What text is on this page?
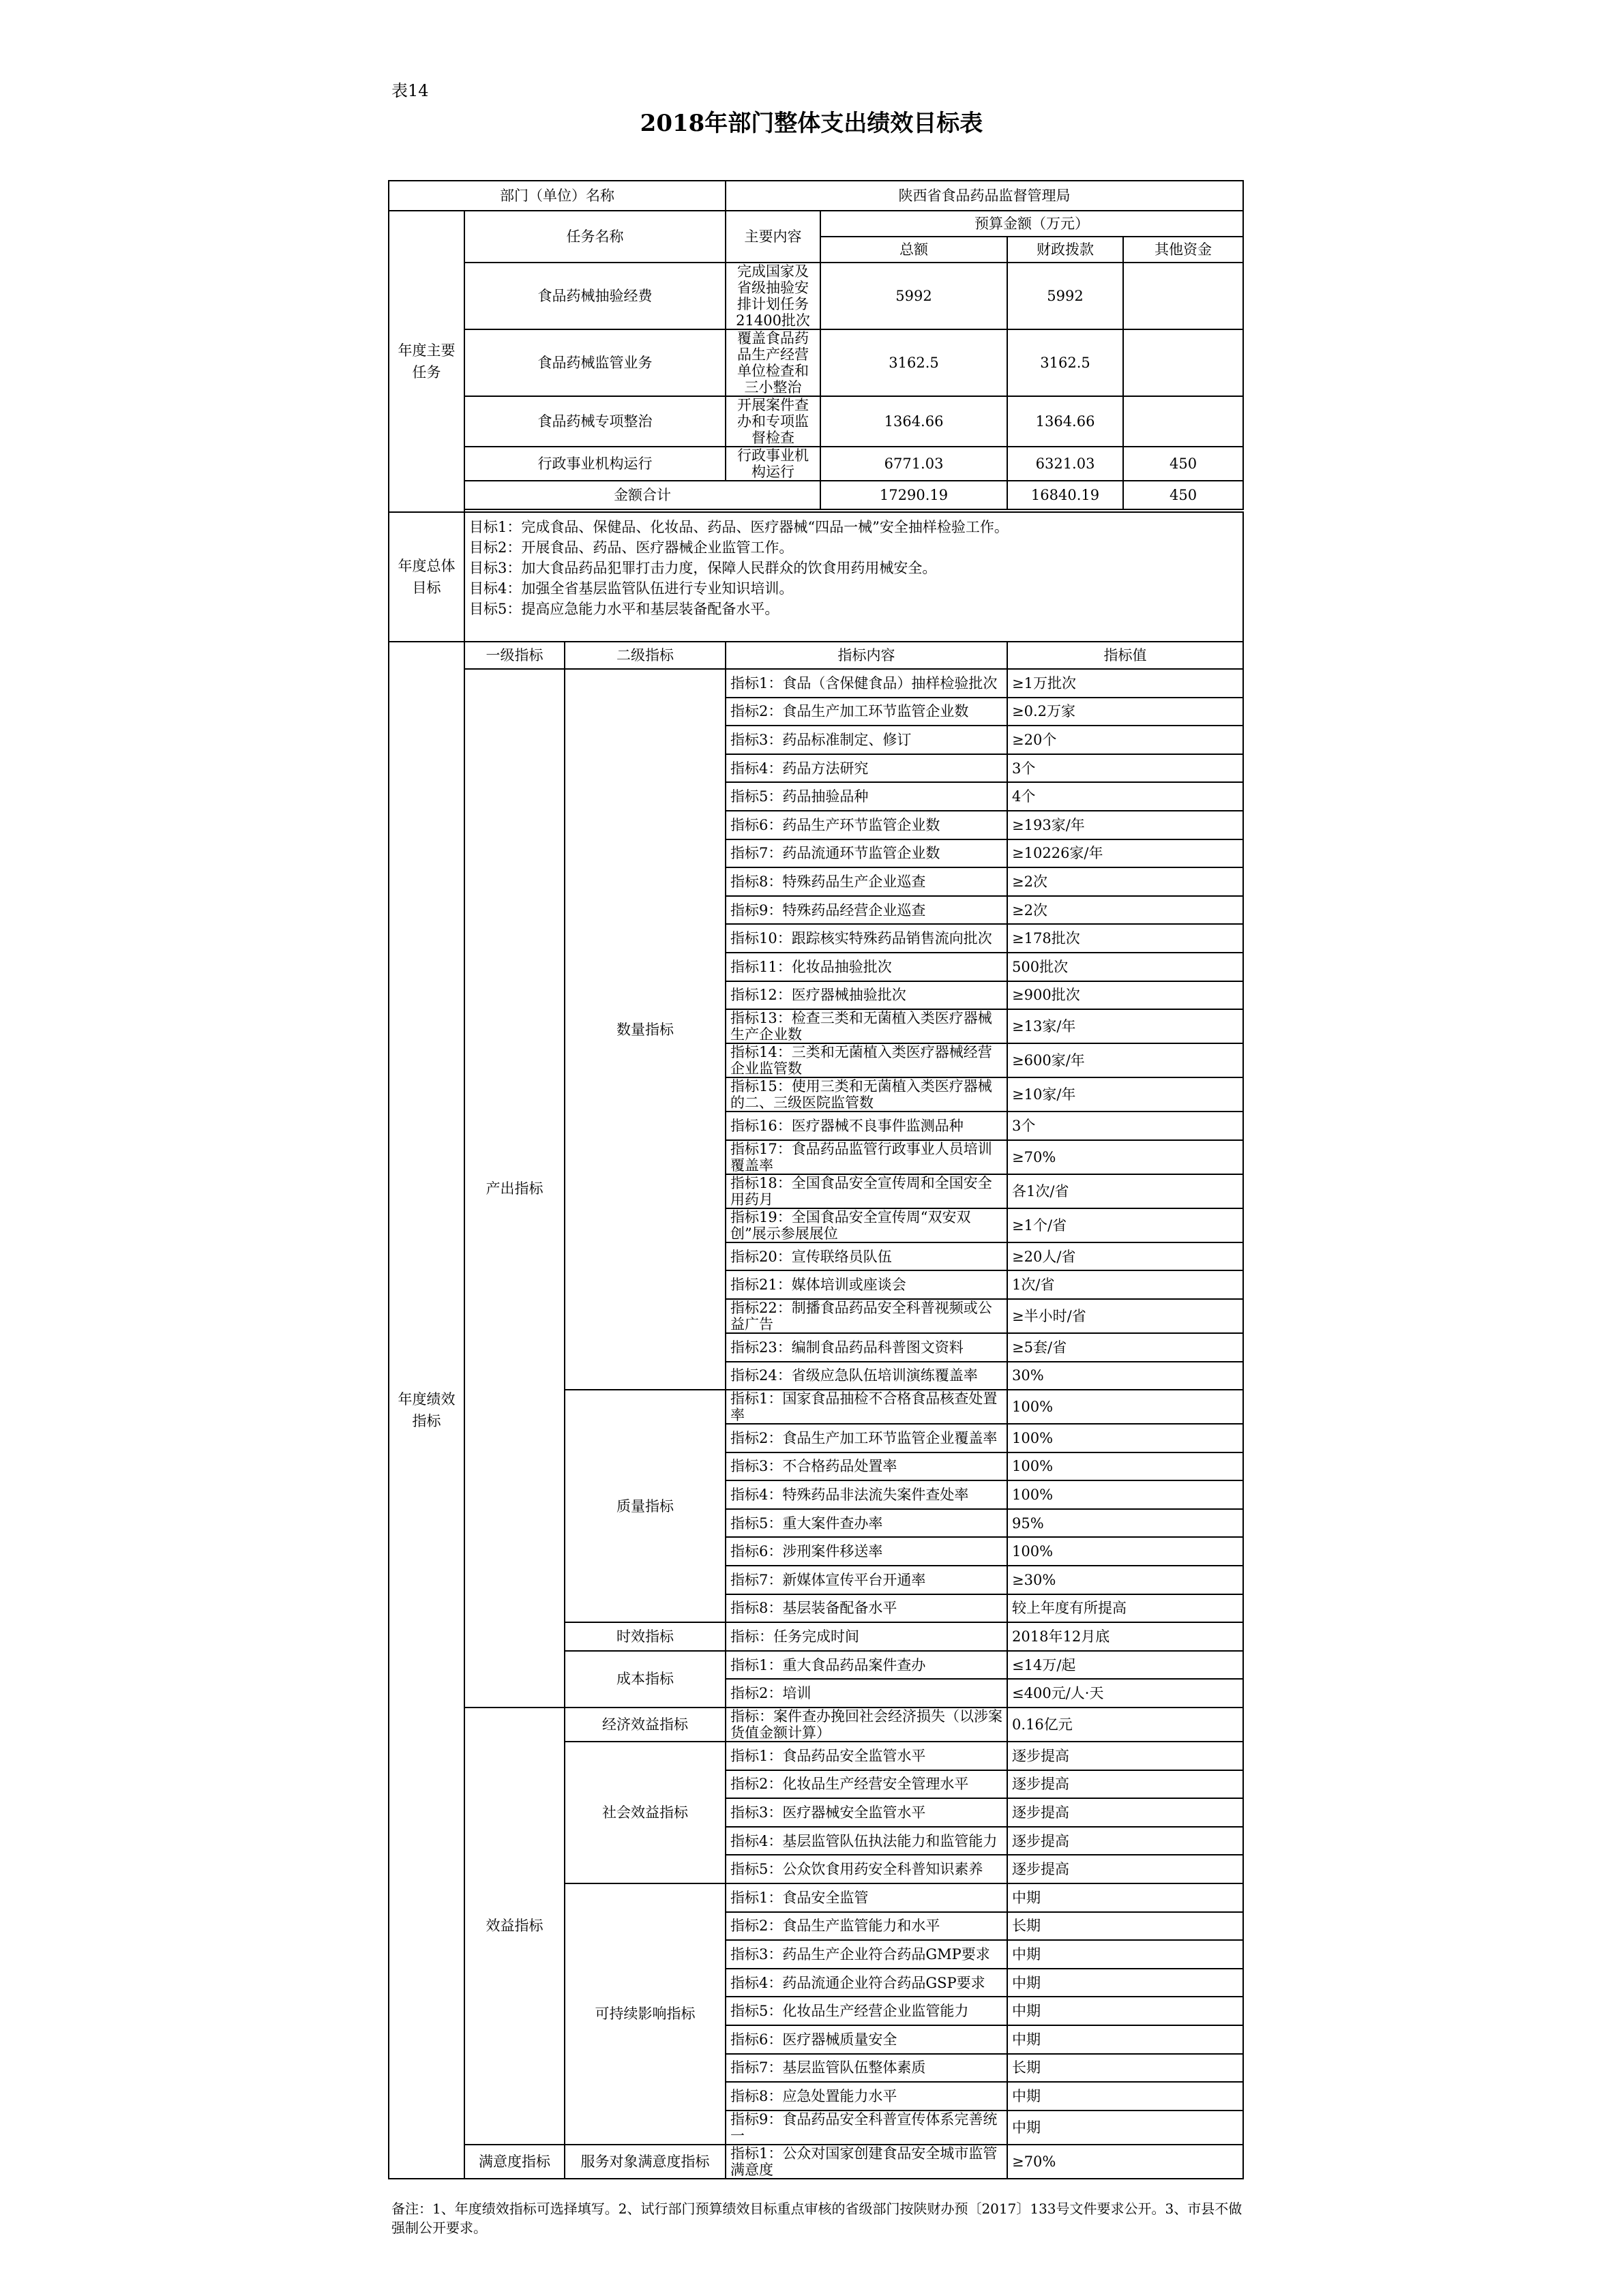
表14
2018年部门整体支出绩效目标表
部门（单位）名称			陕西省食品药品监督管理局			
年度主要任务	任务名称		主要内容	预算金额（万元）		
				总额	财政拨款	其他资金
	食品药械抽验经费		完成国家及省级抽验安排计划任务21400批次	5992	5992	
	食品药械监管业务		覆盖食品药品生产经营单位检查和三小整治	3162.5	3162.5	
	食品药械专项整治		开展案件查办和专项监督检查	1364.66	1364.66	
	行政事业机构运行		行政事业机构运行	6771.03	6321.03	450
	金额合计			17290.19	16840.19	450

年度总体目标	目标1：完成食品、保健品、化妆品、药品、医疗器械“四品一械”安全抽样检验工作。
目标2：开展食品、药品、医疗器械企业监管工作。
目标3：加大食品药品犯罪打击力度，保障人民群众的饮食用药用械安全。
目标4：加强全省基层监管队伍进行专业知识培训。
目标5：提高应急能力水平和基层装备配备水平。					

年度绩效指标	一级指标	二级指标	指标内容		指标值	
	产出指标	数量指标	指标1：食品（含保健食品）抽样检验批次		≥1万批次	
			指标2：食品生产加工环节监管企业数		≥0.2万家	
			指标3：药品标准制定、修订		≥20个	
			指标4：药品方法研究		3个	
			指标5：药品抽验品种		4个	
			指标6：药品生产环节监管企业数		≥193家/年	
			指标7：药品流通环节监管企业数		≥10226家/年	
			指标8：特殊药品生产企业巡查		≥2次	
			指标9：特殊药品经营企业巡查		≥2次	
			指标10：跟踪核实特殊药品销售流向批次		≥178批次	
			指标11：化妆品抽验批次		500批次	
			指标12：医疗器械抽验批次		≥900批次	
			指标13：检查三类和无菌植入类医疗器械生产企业数		≥13家/年	
			指标14：三类和无菌植入类医疗器械经营企业监管数		≥600家/年	
			指标15：使用三类和无菌植入类医疗器械的二、三级医院监管数		≥10家/年	
			指标16：医疗器械不良事件监测品种		3个	
			指标17：食品药品监管行政事业人员培训覆盖率		≥70%	
			指标18：全国食品安全宣传周和全国安全用药月		各1次/省	
			指标19：全国食品安全宣传周“双安双创”展示参展展位		≥1个/省	
			指标20：宣传联络员队伍		≥20人/省	
			指标21：媒体培训或座谈会		1次/省	
			指标22：制播食品药品安全科普视频或公益广告		≥半小时/省	
			指标23：编制食品药品科普图文资料		≥5套/省	
			指标24：省级应急队伍培训演练覆盖率		30%	
		质量指标	指标1：国家食品抽检不合格食品核查处置率		100%	
			指标2：食品生产加工环节监管企业覆盖率		100%	
			指标3：不合格药品处置率		100%	
			指标4：特殊药品非法流失案件查处率		100%	
			指标5：重大案件查办率		95%	
			指标6：涉刑案件移送率		100%	
			指标7：新媒体宣传平台开通率		≥30%	
			指标8：基层装备配备水平		较上年度有所提高	
		时效指标	指标：任务完成时间		2018年12月底	
		成本指标	指标1：重大食品药品案件查办		≤14万/起	
			指标2：培训		≤400元/人·天	
	效益指标	经济效益指标	指标：案件查办挽回社会经济损失（以涉案货值金额计算）		0.16亿元	
		社会效益指标	指标1：食品药品安全监管水平		逐步提高	
			指标2：化妆品生产经营安全管理水平		逐步提高	
			指标3：医疗器械安全监管水平		逐步提高	
			指标4：基层监管队伍执法能力和监管能力		逐步提高	
			指标5：公众饮食用药安全科普知识素养		逐步提高	
		可持续影响指标	指标1：食品安全监管		中期	
			指标2：食品生产监管能力和水平		长期	
			指标3：药品生产企业符合药品GMP要求		中期	
			指标4：药品流通企业符合药品GSP要求		中期	
			指标5：化妆品生产经营企业监管能力		中期	
			指标6：医疗器械质量安全		中期	
			指标7：基层监管队伍整体素质		长期	
			指标8：应急处置能力水平		中期	
			指标9：食品药品安全科普宣传体系完善统一		中期	
	满意度指标	服务对象满意度指标	指标1：公众对国家创建食品安全城市监管满意度		≥70%	
备注：1、年度绩效指标可选择填写。2、试行部门预算绩效目标重点审核的省级部门按陕财办预〔2017〕133号文件要求公开。3、市县不做强制公开要求。
